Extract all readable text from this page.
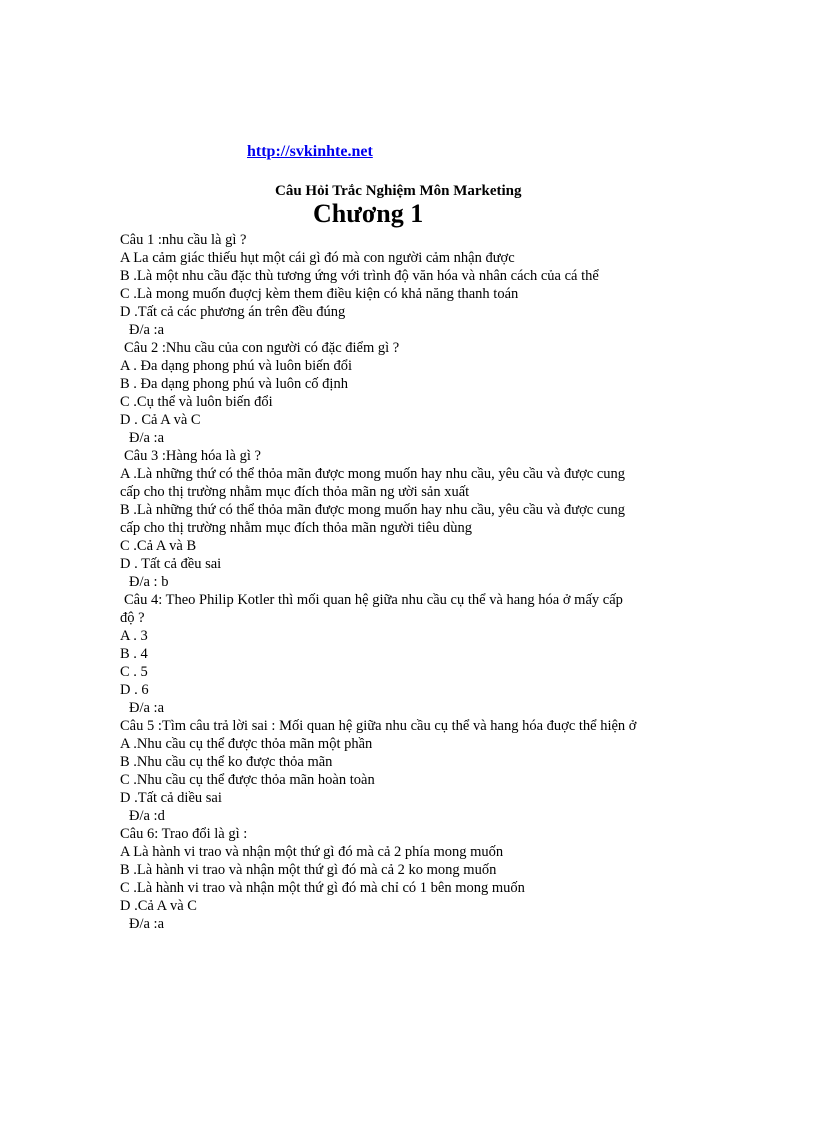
http://svkinhte.net
Câu Hỏi Trắc Nghiệm Môn Marketing
Chương 1
Câu 1 :nhu cầu là gì ?
A La cảm giác thiếu hụt một cái gì đó mà con người cảm nhận được
B .Là một nhu cầu đặc thù tương ứng với trình độ văn hóa và nhân cách của cá thể
C .Là mong muốn đuợcj kèm them điều kiện có khả năng thanh toán
D .Tất cả các phương án trên đều đúng
Đ/a :a
Câu 2 :Nhu cầu của con người có đặc điểm gì ?
A . Đa dạng phong phú và luôn biến đổi
B . Đa dạng phong phú và luôn cố định
C .Cụ thể và luôn biến đổi
D . Cả A và C
Đ/a :a
Câu 3 :Hàng hóa là gì ?
A .Là những thứ có thể thỏa mãn được mong muốn hay nhu cầu, yêu cầu và được cung
cấp cho thị trường nhằm mục đích thỏa mãn ng ười sản xuất
B .Là những thứ có thể thỏa mãn được mong muốn hay nhu cầu, yêu cầu và được cung
cấp cho thị trường nhằm mục đích thỏa mãn người tiêu dùng
C .Cả A và B
D . Tất cả đều sai
Đ/a : b
Câu 4: Theo Philip Kotler thì mối quan hệ giữa nhu cầu cụ thể và hang hóa ở mấy cấp
độ ?
A . 3
B . 4
C . 5
D . 6
Đ/a :a
Câu 5 :Tìm câu trả lời sai : Mối quan hệ giữa nhu cầu cụ thể và hang hóa đuợc thể hiện ở
A .Nhu cầu cụ thể được thỏa mãn một phần
B .Nhu cầu cụ thể ko được thỏa mãn
C .Nhu cầu cụ thể được thỏa mãn hoàn toàn
D .Tất cả diều sai
Đ/a :d
Câu 6: Trao đổi là gì :
A Là hành vi trao và nhận một thứ gì đó mà cả 2 phía mong muốn
B .Là hành vi trao và nhận một thứ gì đó mà cả 2 ko mong muốn
C .Là hành vi trao và nhận một thứ gì đó mà chỉ có 1 bên mong muốn
D .Cả A và C
Đ/a :a
